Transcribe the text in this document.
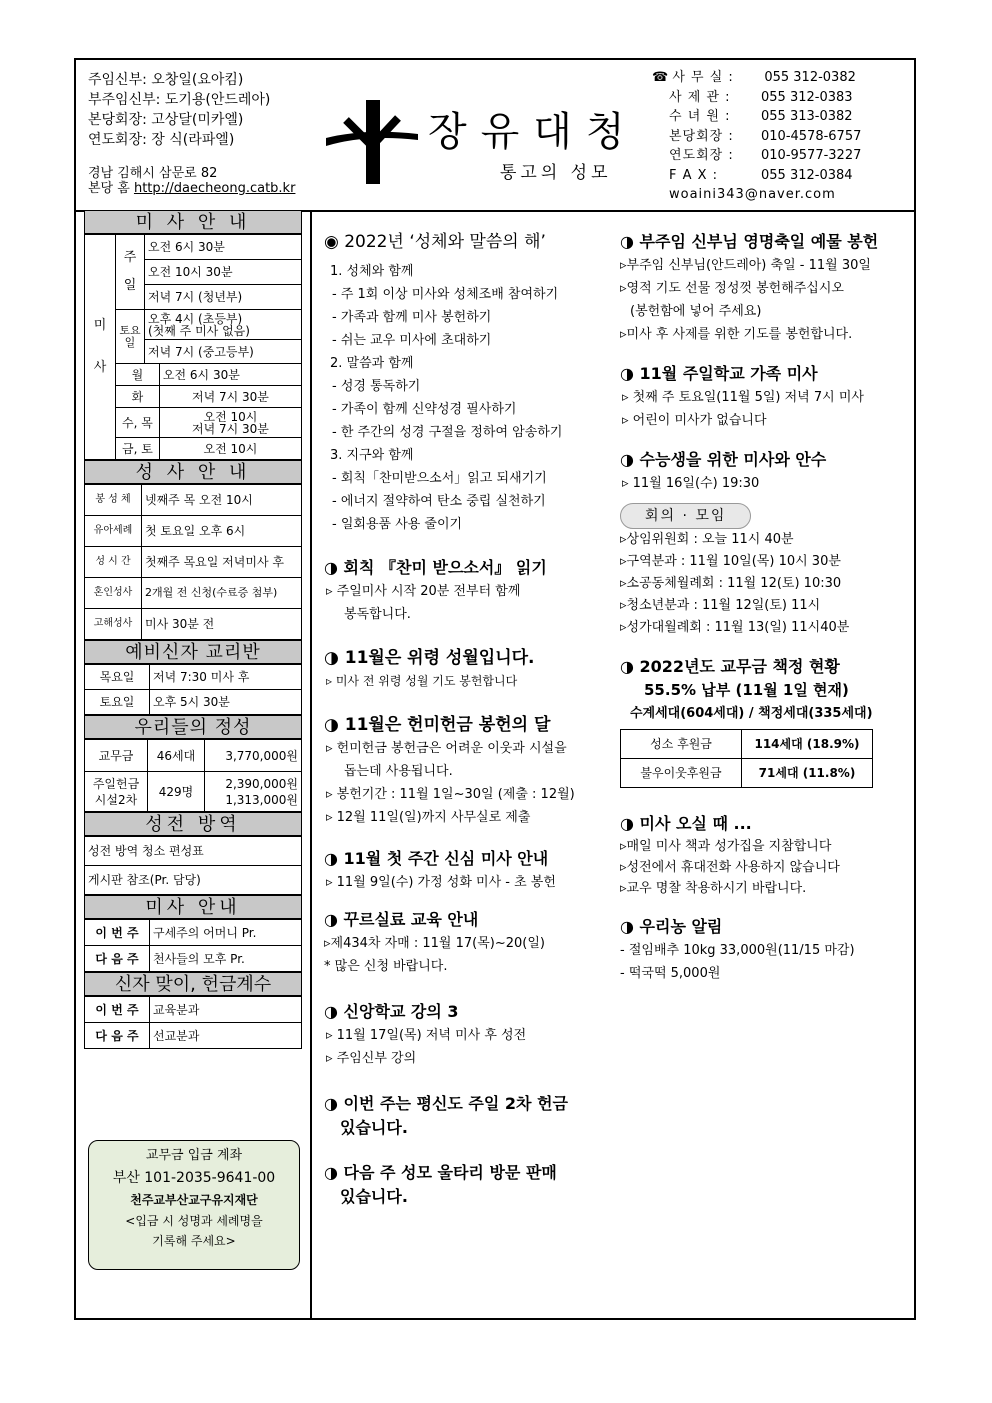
주임신부: 오창일(요아킴)
부주임신부: 도기용(안드레아)
본당회장: 고상달(미카엘)
연도회장: 장 식(라파엘)
경남 김해시 삼문로 82
본당 홈 http://daecheong.catb.kr
장유대청
통고의 성모
☎ 사 무 실 : 055 312-0382
사 제 관 : 055 312-0383
수 녀 원 : 055 313-0382
본당회장 : 010-4578-6757
연도회장 : 010-9577-3227
F A X :	055 312-0384
woaini343@naver.com
미 사 안 내
미

사	주

일	오전 6시 30분	
		오전 10시 30분	
		저녁 7시 (청년부)	
	토요일	오후 4시 (초등부)
(첫째 주 미사 없음)	
		저녁 7시 (중고등부)	
	월		오전 6시 30분
	화		저녁 7시 30분
	수, 목		오전 10시
저녁 7시 30분
	금, 토		오전 10시
성 사 안 내
봉 성 체	넷째주 목 오전 10시
유아세례	첫 토요일 오후 6시
성 시 간	첫째주 목요일 저녁미사 후
혼인성사	2개월 전 신청(수료증 첨부)
고해성사	미사 30분 전
예비신자 교리반
목요일	저녁 7:30 미사 후
토요일	오후 5시 30분
우리들의 정성
교무금	46세대	3,770,000원
주일헌금
시설2차	429명	2,390,000원
1,313,000원
성전 방역
성전 방역 청소 편성표
게시판 참조(Pr. 담당)
미사 안내
이 번 주	구세주의 어머니 Pr.
다 음 주	천사들의 모후 Pr.
신자 맞이, 헌금계수
이 번 주	교육분과
다 음 주	선교분과
교무금 입금 계좌
부산 101-2035-9641-00
천주교부산교구유지재단
<입금 시 성명과 세례명을
기록해 주세요>
◉ 2022년 ‘성체와 말씀의 해’
1. 성체와 함께
- 주 1회 이상 미사와 성체조배 참여하기
- 가족과 함께 미사 봉헌하기
- 쉬는 교우 미사에 초대하기
2. 말씀과 함께
- 성경 통독하기
- 가족이 함께 신약성경 필사하기
- 한 주간의 성경 구절을 정하여 암송하기
3. 지구와 함께
- 회칙「찬미받으소서」읽고 되새기기
- 에너지 절약하여 탄소 중립 실천하기
- 일회용품 사용 줄이기
◑ 회칙 『찬미 받으소서』 읽기
▹ 주일미사 시작 20분 전부터 함께
봉독합니다.
◑ 11월은 위령 성월입니다.
▹ 미사 전 위령 성월 기도 봉헌합니다
◑ 11월은 헌미헌금 봉헌의 달
▹ 헌미헌금 봉헌금은 어려운 이웃과 시설을
돕는데 사용됩니다.
▹ 봉헌기간 : 11월 1일~30일 (제출 : 12월)
▹ 12월 11일(일)까지 사무실로 제출
◑ 11월 첫 주간 신심 미사 안내
▹ 11월 9일(수) 가정 성화 미사 - 초 봉헌
◑ 꾸르실료 교육 안내
▹제434차 자매 : 11월 17(목)~20(일)
* 많은 신청 바랍니다.
◑ 신앙학교 강의 3
▹ 11월 17일(목) 저녁 미사 후 성전
▹ 주임신부 강의
◑ 이번 주는 평신도 주일 2차 헌금
있습니다.
◑ 다음 주 성모 울타리 방문 판매
있습니다.
◑ 부주임 신부님 영명축일 예물 봉헌
▹부주임 신부님(안드레아) 축일 - 11월 30일
▹영적 기도 선물 정성껏 봉헌해주십시오
(봉헌함에 넣어 주세요)
▹미사 후 사제를 위한 기도를 봉헌합니다.
◑ 11월 주일학교 가족 미사
▹ 첫째 주 토요일(11월 5일) 저녁 7시 미사
▹ 어린이 미사가 없습니다
◑ 수능생을 위한 미사와 안수
▹ 11월 16일(수) 19:30
회의 · 모임
▹상임위원회 : 오늘 11시 40분
▹구역분과 : 11월 10일(목) 10시 30분
▹소공동체월례회 : 11월 12(토) 10:30
▹청소년분과 : 11월 12일(토) 11시
▹성가대월례회 : 11월 13(일) 11시40분
◑ 2022년도 교무금 책정 현황
55.5% 납부 (11월 1일 현재)
수계세대(604세대) / 책정세대(335세대)
성소 후원금	114세대 (18.9%)
불우이웃후원금	71세대 (11.8%)
◑ 미사 오실 때 ...
▹매일 미사 책과 성가집을 지참합니다
▹성전에서 휴대전화 사용하지 않습니다
▹교우 명찰 착용하시기 바랍니다.
◑ 우리농 알림
- 절임배추 10kg 33,000원(11/15 마감)
- 떡국떡 5,000원
